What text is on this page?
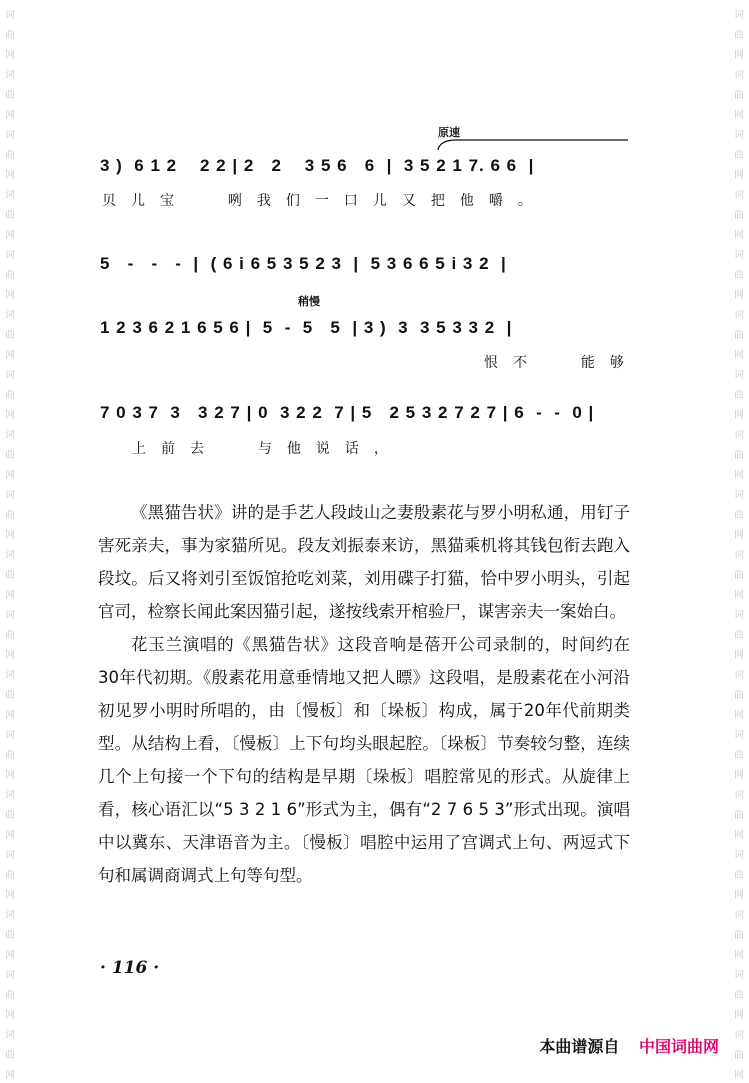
词
曲
网
词
曲
网
词
曲
网
词
曲
网
词
曲
网
词
曲
网
词
曲
网
词
曲
网
词
曲
网
词
曲
网
词
曲
网
词
曲
网
词
曲
网
词
曲
网
词
曲
网
词
曲
网
词
曲
网
词
曲
网
词
曲
网
词
曲
网
词
曲
网
词
曲
网
词
曲
网
词
曲
网
词
曲
网
词
曲
网
词
曲
网
词
曲
网
词
曲
网
词
曲
网
词
曲
网
词
曲
网
词
曲
网
词
曲
网
词
曲
网
词
曲
网
原速
稍慢
3 )  6 1 2    2 2 | 2   2    3 5 6   6  |  3 5 2 1 7. 6 6  |
贝儿宝  咧我们一口儿又把他嚼。
5   -   -   -  |  ( 6 i 6 5 3 5 2 3  |  5 3 6 6 5 i 3 2  |
1 2 3 6 2 1 6 5 6 |  5  -  5   5  | 3 )  3  3 5 3 3 2  |
恨不  能够
7 0 3 7  3   3 2 7 | 0  3 2 2  7 | 5   2 5 3 2 7 2 7 | 6  -  -  0 |
上前去  与他说话，

《黑猫告状》讲的是手艺人段歧山之妻殷素花与罗小明私通，用钉子害死亲夫，事为家猫所见。段友刘振泰来访，黑猫乘机将其钱包衔去跑入段坟。后又将刘引至饭馆抢吃刘菜，刘用碟子打猫，恰中罗小明头，引起官司，检察长闻此案因猫引起，遂按线索开棺验尸，谋害亲夫一案始白。

花玉兰演唱的《黑猫告状》这段音响是蓓开公司录制的，时间约在30年代初期。《殷素花用意垂情地又把人瞟》这段唱，是殷素花在小河沿初见罗小明时所唱的，由〔慢板〕和〔垛板〕构成，属于20年代前期类型。从结构上看，〔慢板〕上下句均头眼起腔。〔垛板〕节奏较匀整，连续几个上句接一个下句的结构是早期〔垛板〕唱腔常见的形式。从旋律上看，核心语汇以“5 3 2 1 6”形式为主，偶有“2 7 6 5 3”形式出现。演唱中以冀东、天津语音为主。〔慢板〕唱腔中运用了宫调式上句、两逗式下句和属调商调式上句等句型。

· 116 ·
本曲谱源自 中国词曲网
